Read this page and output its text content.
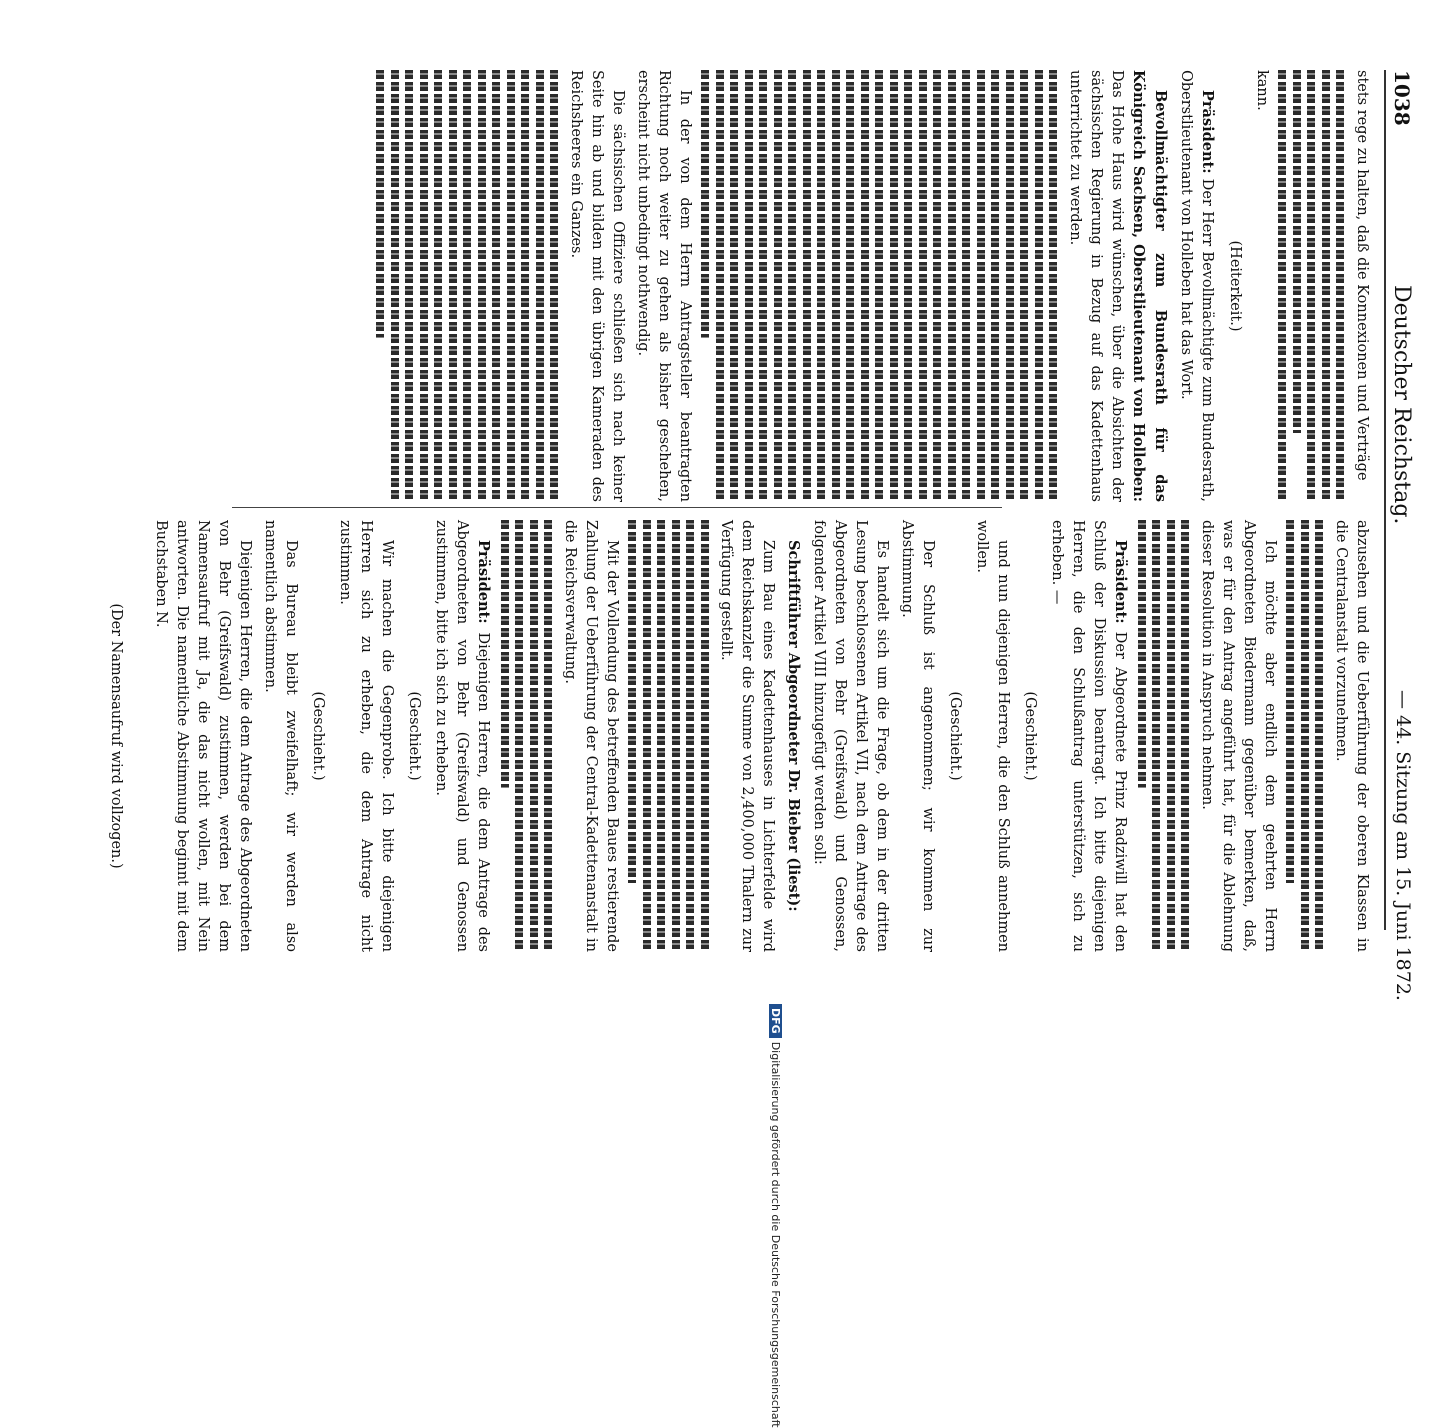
1038
Deutscher Reichstag.
— 44. Sitzung am 15. Juni 1872.

stets rege zu halten, daß die Konnexionen und Verträge

kann.

(Heiterkeit.)

Präsident: Der Herr Bevollmächtigte zum Bundesrath, Oberstlieutenant von Holleben hat das Wort.

Bevollmächtigter zum Bundesrath für das Königreich Sachsen, Oberstlieutenant von Holleben: Das Hohe Haus wird wünschen, über die Absichten der sächsischen Regierung in Bezug auf das Kadettenhaus unterrichtet zu werden.

In der von dem Herrn Antragsteller beantragten Richtung noch weiter zu gehen als bisher geschehen, erscheint nicht unbedingt nothwendig.

Die sächsischen Offiziere schließen sich nach keiner Seite hin ab und bilden mit den übrigen Kameraden des Reichsheeres ein Ganzes.

abzusehen und die Ueberführung der oberen Klassen in die Centralanstalt vorzunehmen.

Ich möchte aber endlich dem geehrten Herrn Abgeordneten Biedermann gegenüber bemerken, daß, was er für den Antrag angeführt hat, für die Ablehnung dieser Resolution in Anspruch nehmen.

Präsident: Der Abgeordnete Prinz Radziwill hat den Schluß der Diskussion beantragt. Ich bitte diejenigen Herren, die den Schlußantrag unterstützen, sich zu erheben. —

(Geschieht.)

und nun diejenigen Herren, die den Schluß annehmen wollen.

(Geschieht.)

Der Schluß ist angenommen; wir kommen zur Abstimmung.

Es handelt sich um die Frage, ob dem in der dritten Lesung beschlossenen Artikel VII, nach dem Antrage des Abgeordneten von Behr (Greifswald) und Genossen, folgender Artikel VIII hinzugefügt werden soll:

Schriftführer Abgeordneter Dr. Bieber (liest):

Zum Bau eines Kadettenhauses in Lichterfelde wird dem Reichskanzler die Summe von 2,400,000 Thalern zur Verfügung gestellt.

Mit der Vollendung des betreffenden Baues restierende Zahlung der Ueberführung der Central-Kadettenanstalt in die Reichsverwaltung.

Präsident: Diejenigen Herren, die dem Antrage des Abgeordneten von Behr (Greifswald) und Genossen zustimmen, bitte ich sich zu erheben.

(Geschieht.)

Wir machen die Gegenprobe. Ich bitte diejenigen Herren sich zu erheben, die dem Antrage nicht zustimmen.

(Geschieht.)

Das Bureau bleibt zweifelhaft; wir werden also namentlich abstimmen.

Diejenigen Herren, die dem Antrage des Abgeordneten von Behr (Greifswald) zustimmen, werden bei dem Namensaufruf mit Ja, die das nicht wollen, mit Nein antworten. Die namentliche Abstimmung beginnt mit dem Buchstaben N.

(Der Namensaufruf wird vollzogen.)

DFGDigitalisierung gefördert durch die Deutsche Forschungsgemeinschaft
